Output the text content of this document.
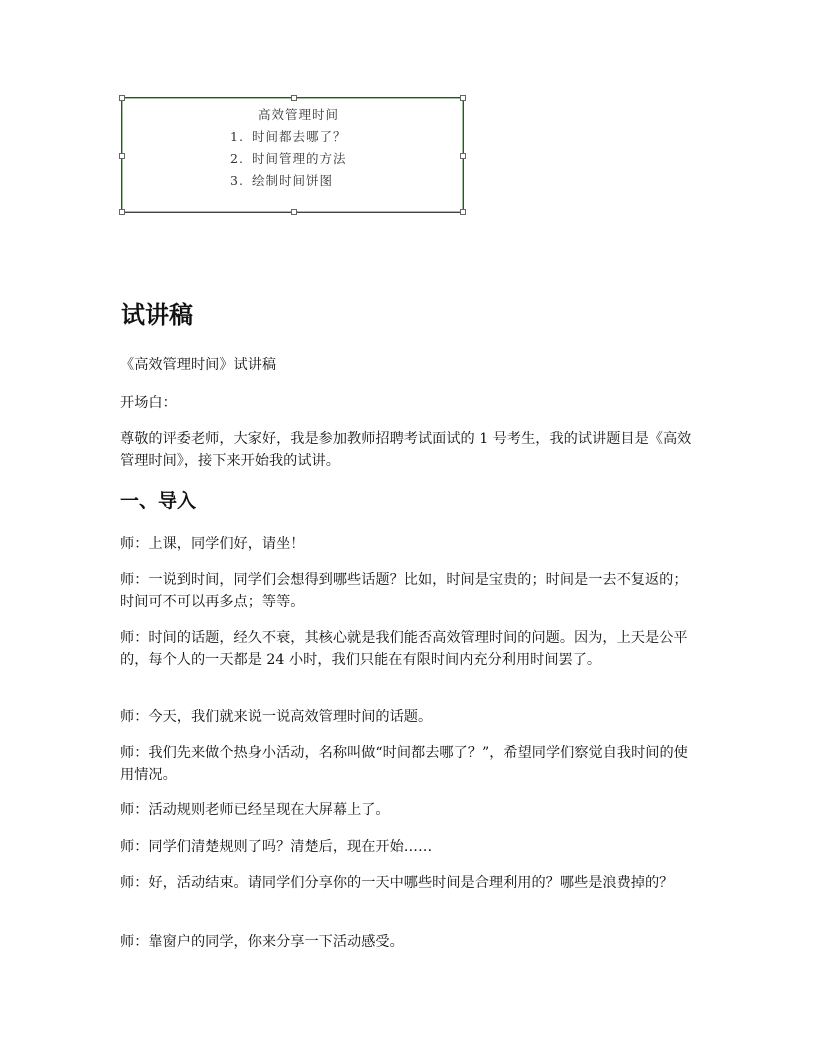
高效管理时间
1. 时间都去哪了？
2. 时间管理的方法
3. 绘制时间饼图
试讲稿
《高效管理时间》试讲稿
开场白：
尊敬的评委老师，大家好，我是参加教师招聘考试面试的 1 号考生，我的试讲题目是《高效管理时间》，接下来开始我的试讲。
一、导入
师：上课，同学们好，请坐！
师：一说到时间，同学们会想得到哪些话题？比如，时间是宝贵的；时间是一去不复返的；时间可不可以再多点；等等。
师：时间的话题，经久不衰，其核心就是我们能否高效管理时间的问题。因为，上天是公平的，每个人的一天都是 24 小时，我们只能在有限时间内充分利用时间罢了。
师：今天，我们就来说一说高效管理时间的话题。
师：我们先来做个热身小活动，名称叫做“时间都去哪了？”，希望同学们察觉自我时间的使用情况。
师：活动规则老师已经呈现在大屏幕上了。
师：同学们清楚规则了吗？清楚后，现在开始……
师：好，活动结束。请同学们分享你的一天中哪些时间是合理利用的？哪些是浪费掉的？
师：靠窗户的同学，你来分享一下活动感受。
